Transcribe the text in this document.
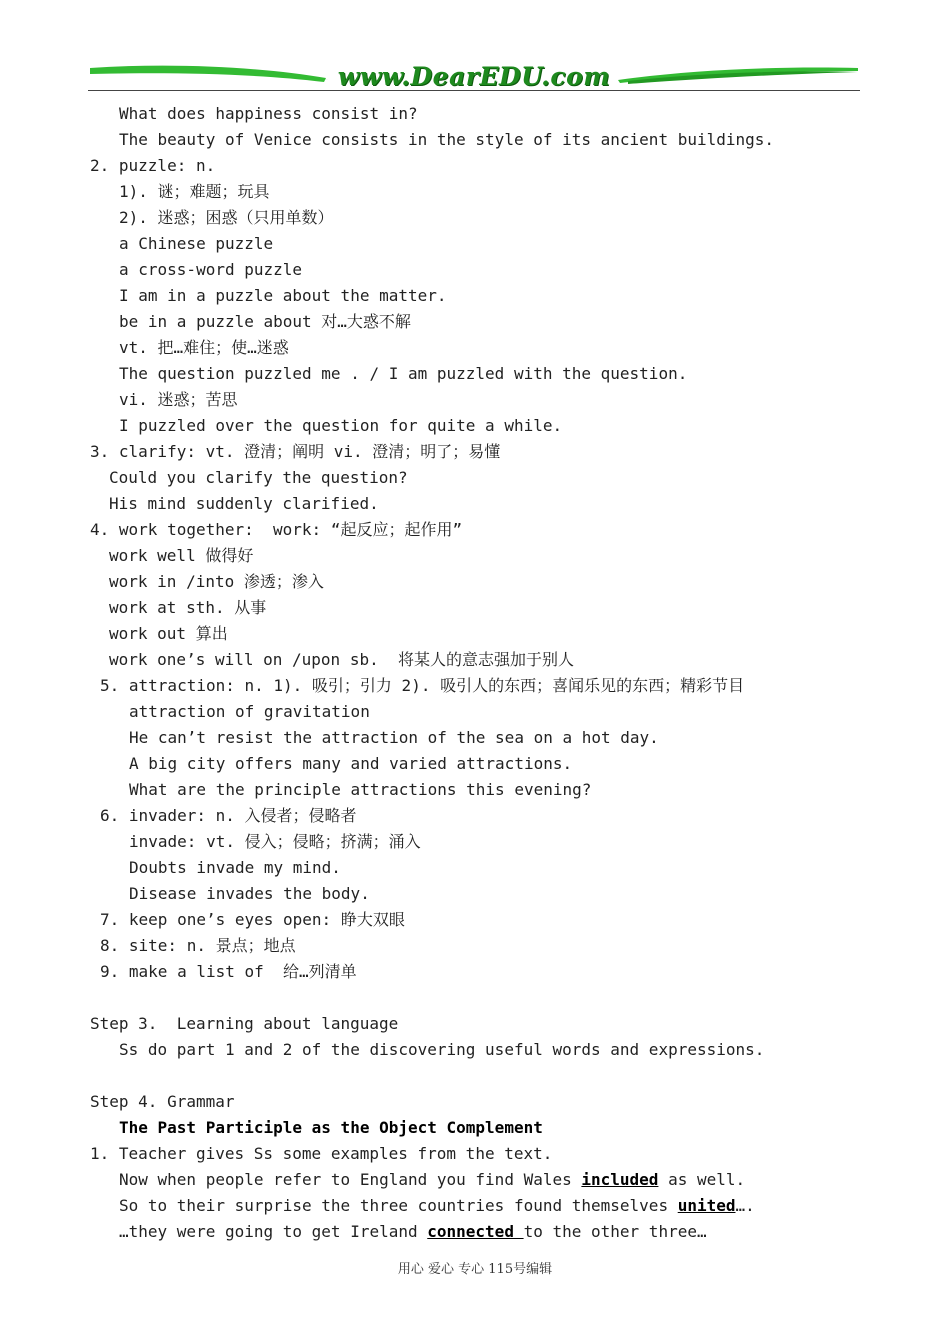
www.DearEDU.com
What does happiness consist in?
The beauty of Venice consists in the style of its ancient buildings.
2. puzzle: n.
1). 谜；难题；玩具
2). 迷惑；困惑（只用单数）
a Chinese puzzle
a cross-word puzzle
I am in a puzzle about the matter.
be in a puzzle about 对…大惑不解
vt. 把…难住；使…迷惑
The question puzzled me . / I am puzzled with the question.
vi. 迷惑；苦思
I puzzled over the question for quite a while.
3. clarify: vt. 澄清；阐明 vi. 澄清；明了；易懂
Could you clarify the question?
His mind suddenly clarified.
4. work together:  work: “起反应；起作用”
work well 做得好
work in /into 渗透；渗入
work at sth. 从事
work out 算出
work one’s will on /upon sb.  将某人的意志强加于别人
5. attraction: n. 1). 吸引；引力 2). 吸引人的东西；喜闻乐见的东西；精彩节目
attraction of gravitation
He can’t resist the attraction of the sea on a hot day.
A big city offers many and varied attractions.
What are the principle attractions this evening?
6. invader: n. 入侵者；侵略者
invade: vt. 侵入；侵略；挤满；涌入
Doubts invade my mind.
Disease invades the body.
7. keep one’s eyes open: 睁大双眼
8. site: n. 景点；地点
9. make a list of  给…列清单
Step 3.  Learning about language
Ss do part 1 and 2 of the discovering useful words and expressions.
Step 4. Grammar
The Past Participle as the Object Complement
1. Teacher gives Ss some examples from the text.
Now when people refer to England you find Wales included as well.
So to their surprise the three countries found themselves united….
…they were going to get Ireland connected to the other three…
用心 爱心 专心 115号编辑
